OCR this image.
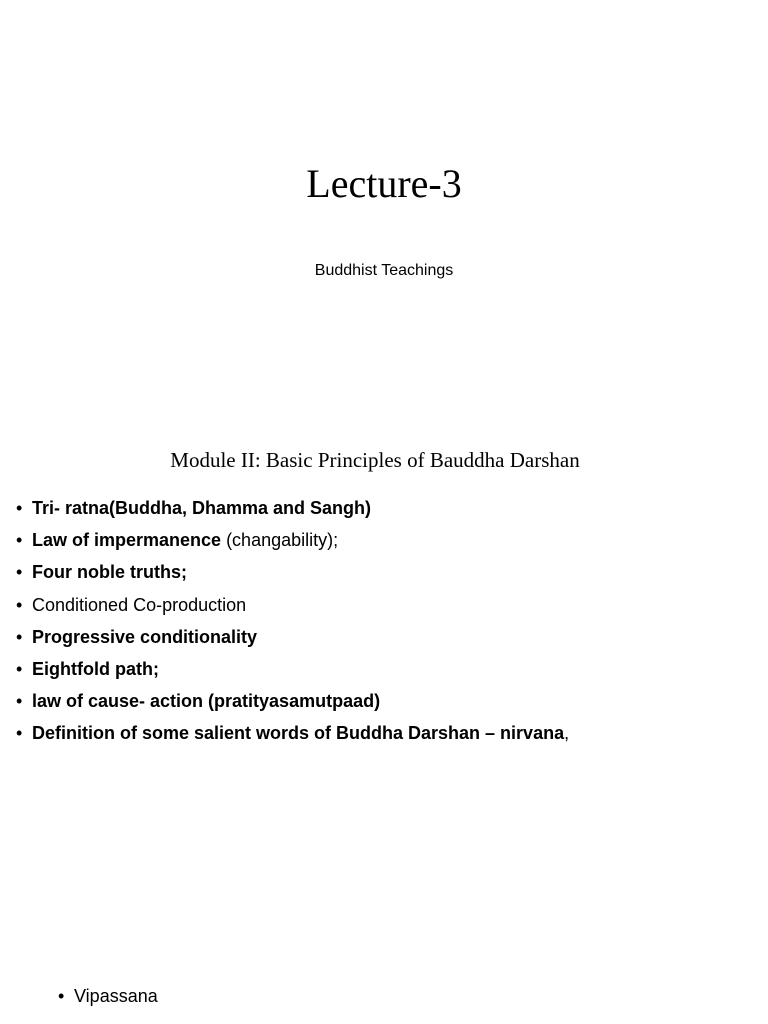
Lecture-3
Buddhist Teachings
Module II: Basic Principles of Bauddha Darshan
• Tri- ratna(Buddha, Dhamma and Sangh)
• Law of impermanence (changability);
• Four noble truths;
• Conditioned Co-production
• Progressive conditionality
• Eightfold path;
• law of cause- action (pratityasamutpaad)
• Definition of some salient words of Buddha Darshan – nirvana,
• Vipassana
